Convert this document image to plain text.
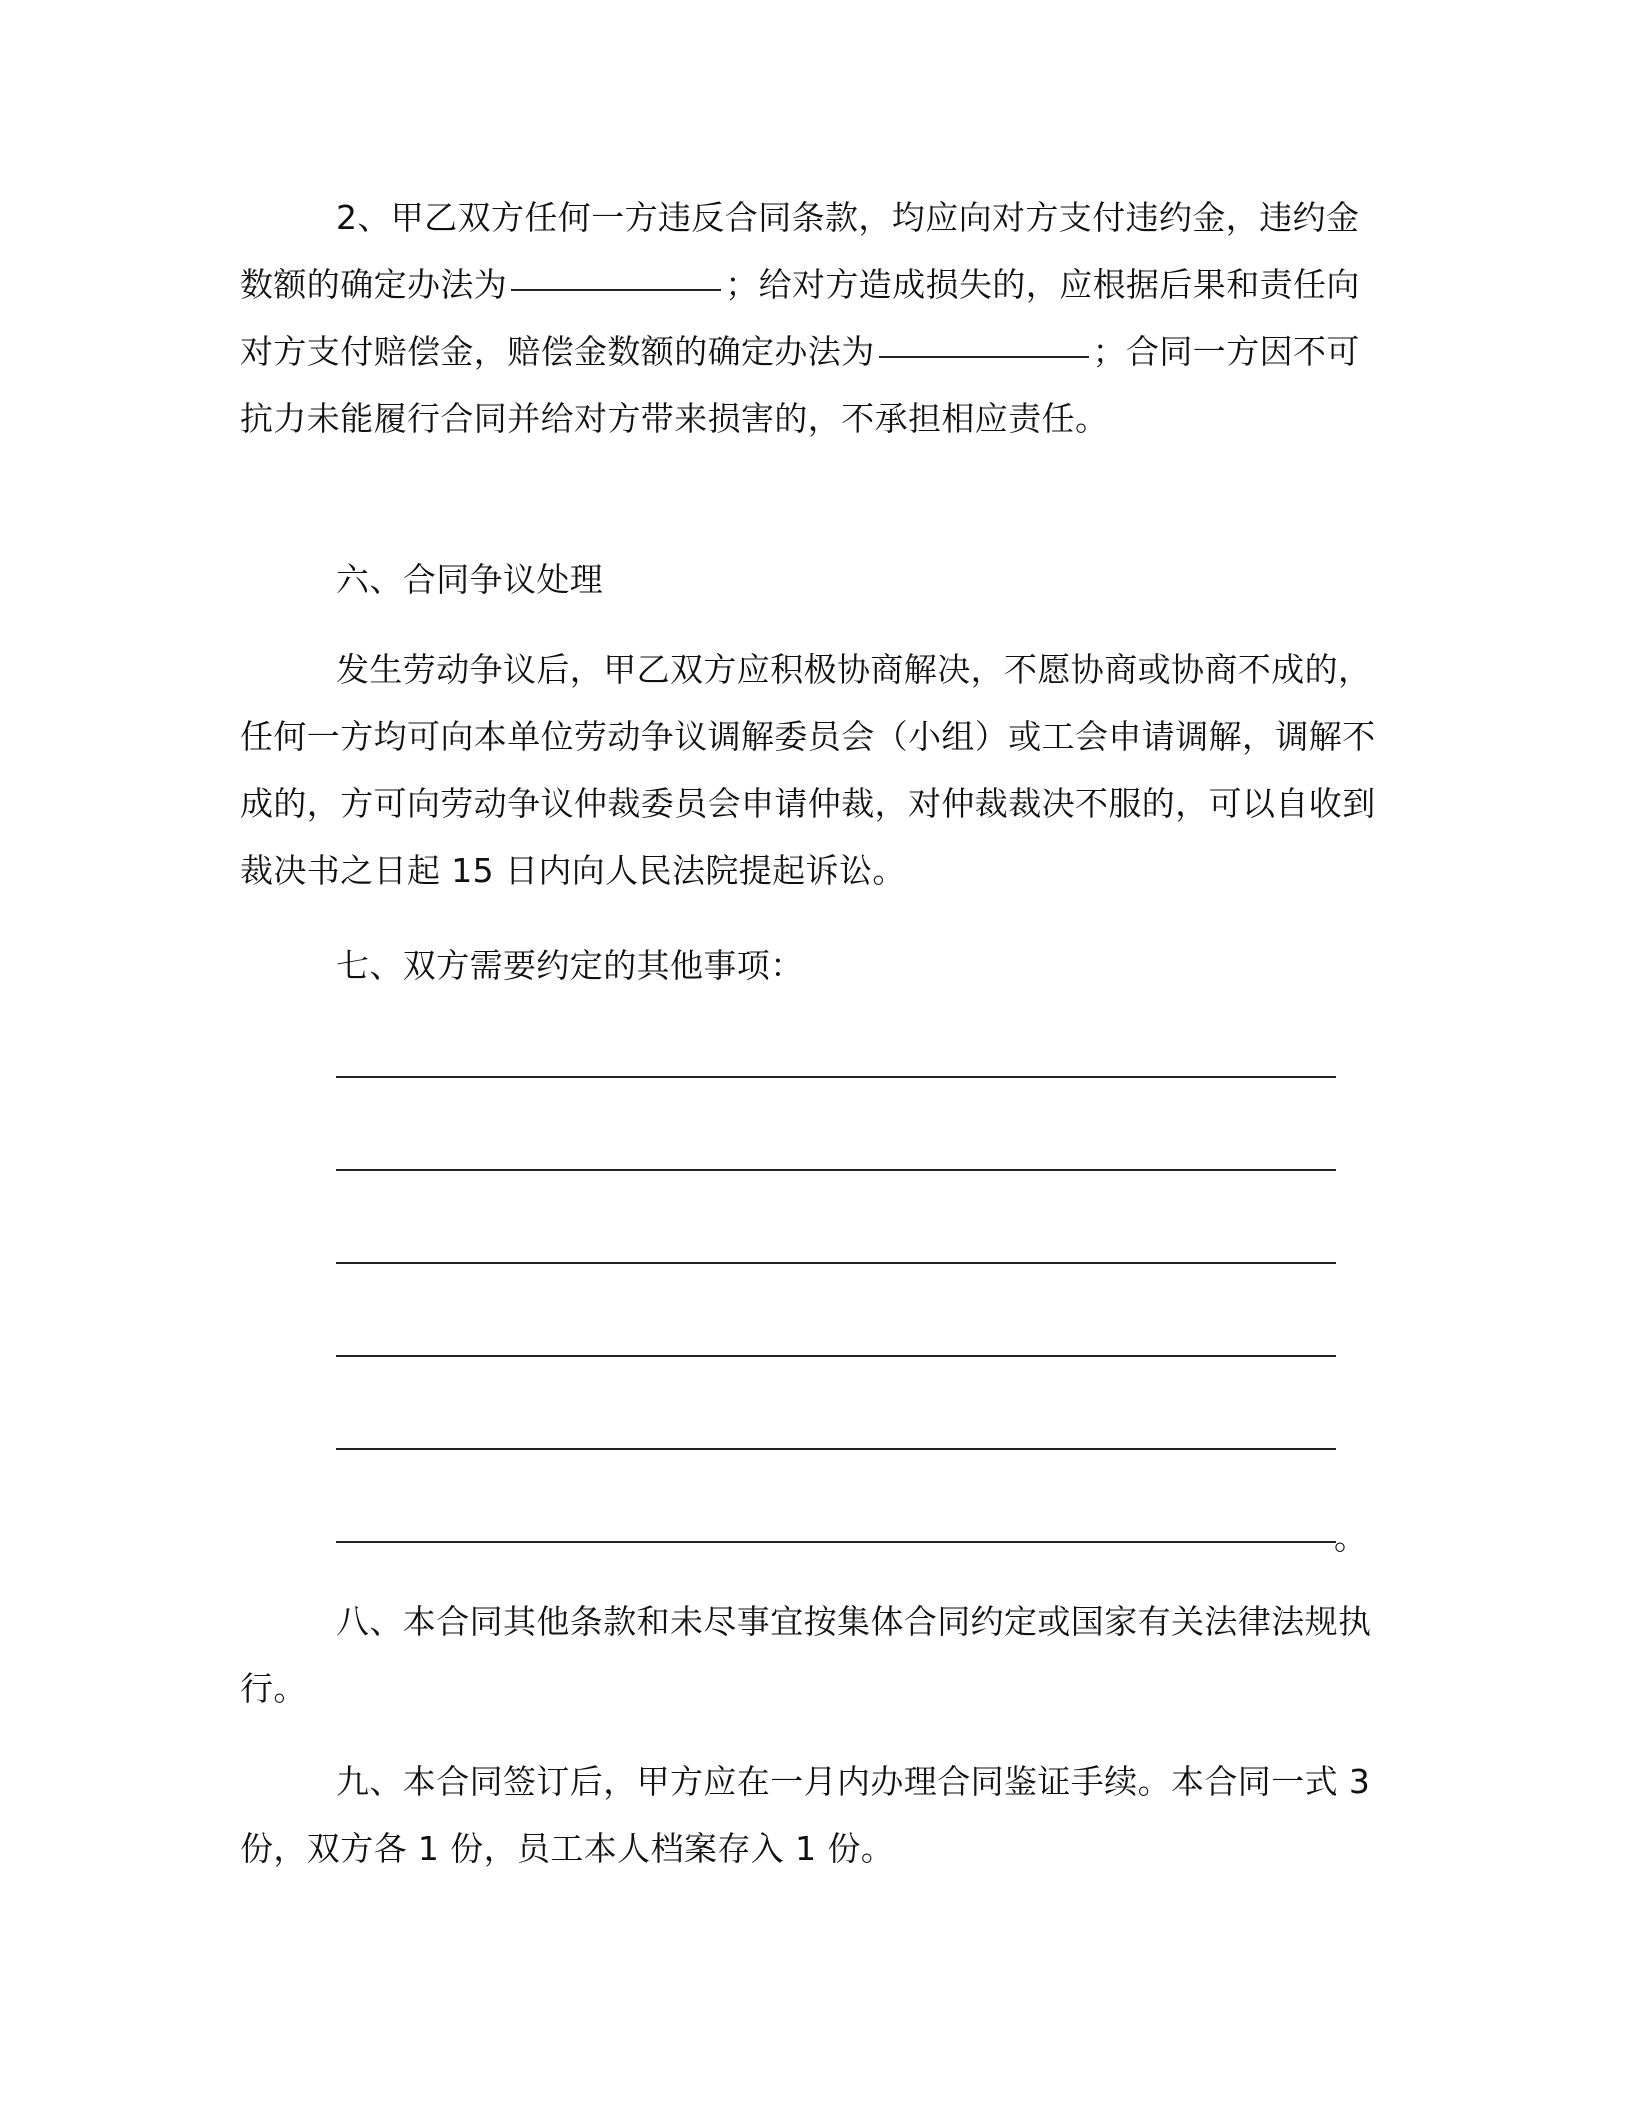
2、甲乙双方任何一方违反合同条款，均应向对方支付违约金，违约金数额的确定办法为	；给对方造成损失的，应根据后果和责任向对方支付赔偿金，赔偿金数额的确定办法为	；合同一方因不可抗力未能履行合同并给对方带来损害的，不承担相应责任。

六、合同争议处理

发生劳动争议后，甲乙双方应积极协商解决，不愿协商或协商不成的，任何一方均可向本单位劳动争议调解委员会（小组）或工会申请调解，调解不成的，方可向劳动争议仲裁委员会申请仲裁，对仲裁裁决不服的，可以自收到裁决书之日起 15 日内向人民法院提起诉讼。

七、双方需要约定的其他事项：

。

八、本合同其他条款和未尽事宜按集体合同约定或国家有关法律法规执行。

九、本合同签订后，甲方应在一月内办理合同鉴证手续。本合同一式 3 份，双方各 1 份，员工本人档案存入 1 份。
